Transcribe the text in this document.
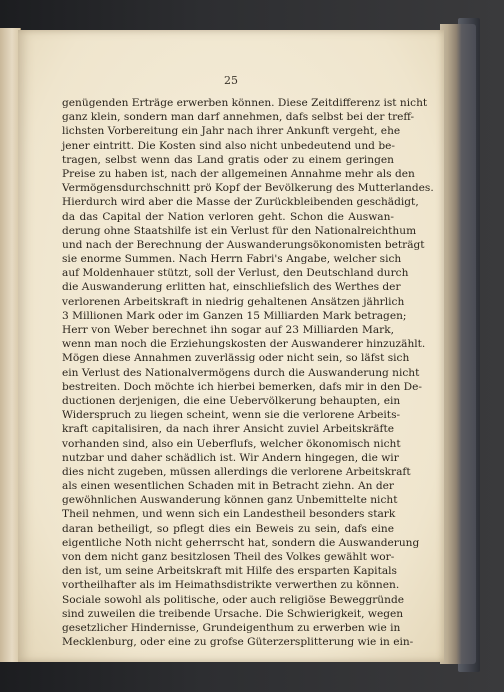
25
genügenden Erträge erwerben können. Diese Zeitdifferenz ist nicht
ganz klein, sondern man darf annehmen, dafs selbst bei der treff-
lichsten Vorbereitung ein Jahr nach ihrer Ankunft vergeht, ehe
jener eintritt. Die Kosten sind also nicht unbedeutend und be-
tragen, selbst wenn das Land gratis oder zu einem geringen
Preise zu haben ist, nach der allgemeinen Annahme mehr als den
Vermögensdurchschnitt prö Kopf der Bevölkerung des Mutterlandes.
Hierdurch wird aber die Masse der Zurückbleibenden geschädigt,
da das Capital der Nation verloren geht. Schon die Auswan-
derung ohne Staatshilfe ist ein Verlust für den Nationalreichthum
und nach der Berechnung der Auswanderungsökonomisten beträgt
sie enorme Summen. Nach Herrn Fabri's Angabe, welcher sich
auf Moldenhauer stützt, soll der Verlust, den Deutschland durch
die Auswanderung erlitten hat, einschliefslich des Werthes der
verlorenen Arbeitskraft in niedrig gehaltenen Ansätzen jährlich
3 Millionen Mark oder im Ganzen 15 Milliarden Mark betragen;
Herr von Weber berechnet ihn sogar auf 23 Milliarden Mark,
wenn man noch die Erziehungskosten der Auswanderer hinzuzählt.
Mögen diese Annahmen zuverlässig oder nicht sein, so läfst sich
ein Verlust des Nationalvermögens durch die Auswanderung nicht
bestreiten. Doch möchte ich hierbei bemerken, dafs mir in den De-
ductionen derjenigen, die eine Uebervölkerung behaupten, ein
Widerspruch zu liegen scheint, wenn sie die verlorene Arbeits-
kraft capitalisiren, da nach ihrer Ansicht zuviel Arbeitskräfte
vorhanden sind, also ein Ueberflufs, welcher ökonomisch nicht
nutzbar und daher schädlich ist. Wir Andern hingegen, die wir
dies nicht zugeben, müssen allerdings die verlorene Arbeitskraft
als einen wesentlichen Schaden mit in Betracht ziehn. An der
gewöhnlichen Auswanderung können ganz Unbemittelte nicht
Theil nehmen, und wenn sich ein Landestheil besonders stark
daran betheiligt, so pflegt dies ein Beweis zu sein, dafs eine
eigentliche Noth nicht geherrscht hat, sondern die Auswanderung
von dem nicht ganz besitzlosen Theil des Volkes gewählt wor-
den ist, um seine Arbeitskraft mit Hilfe des ersparten Kapitals
vortheilhafter als im Heimathsdistrikte verwerthen zu können.
Sociale sowohl als politische, oder auch religiöse Beweggründe
sind zuweilen die treibende Ursache. Die Schwierigkeit, wegen
gesetzlicher Hindernisse, Grundeigenthum zu erwerben wie in
Mecklenburg, oder eine zu grofse Güterzersplitterung wie in ein-
